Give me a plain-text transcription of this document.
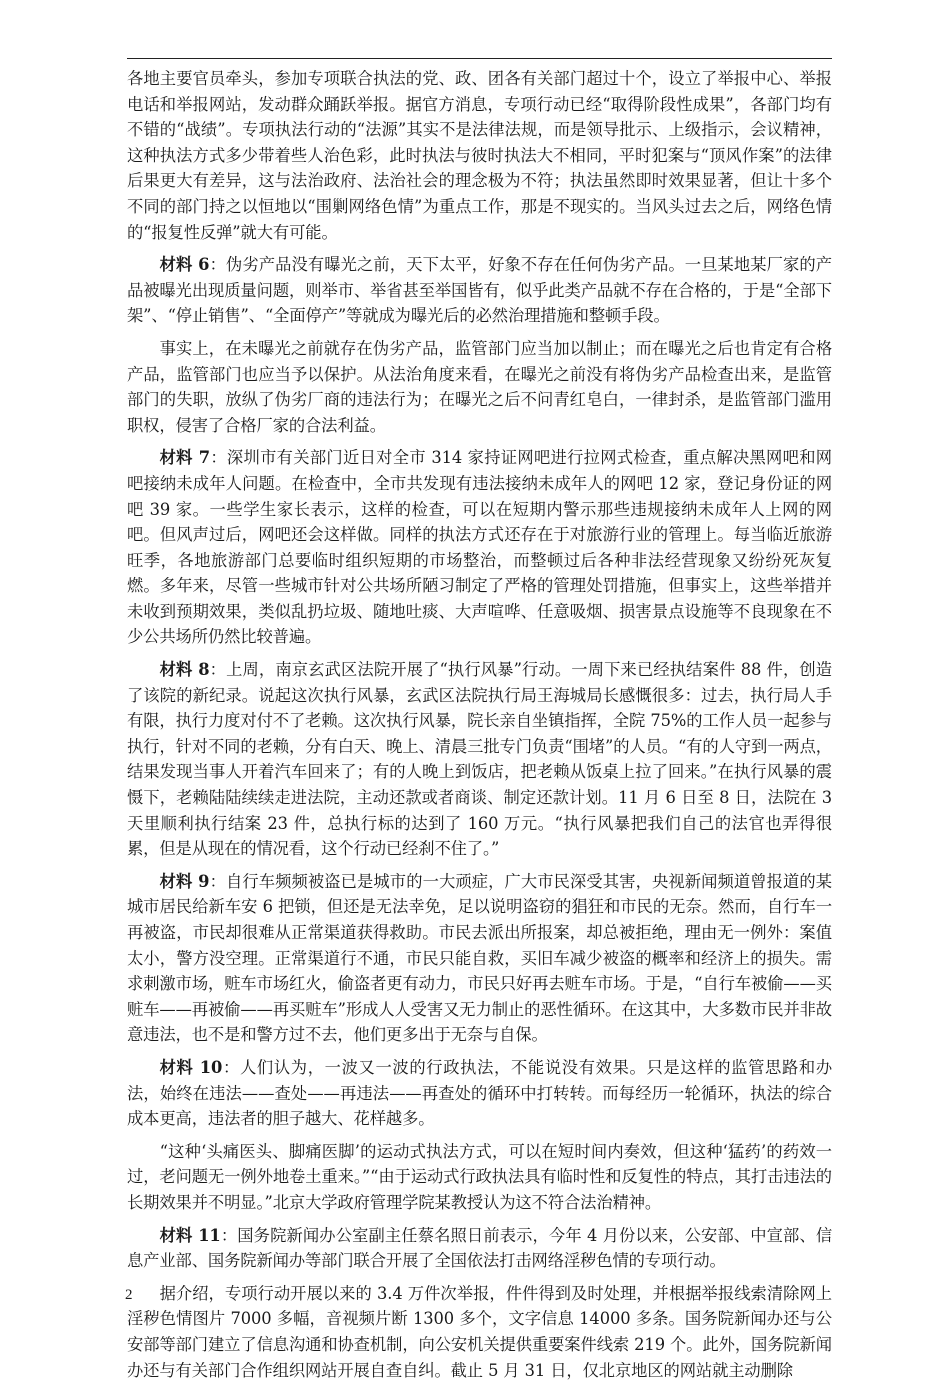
各地主要官员牵头，参加专项联合执法的党、政、团各有关部门超过十个，设立了举报中心、举报电话和举报网站，发动群众踊跃举报。据官方消息，专项行动已经“取得阶段性成果”，各部门均有不错的“战绩”。专项执法行动的“法源”其实不是法律法规，而是领导批示、上级指示，会议精神，这种执法方式多少带着些人治色彩，此时执法与彼时执法大不相同，平时犯案与“顶风作案”的法律后果更大有差异，这与法治政府、法治社会的理念极为不符；执法虽然即时效果显著，但让十多个不同的部门持之以恒地以“围剿网络色情”为重点工作，那是不现实的。当风头过去之后，网络色情的“报复性反弹”就大有可能。

材料 6：伪劣产品没有曝光之前，天下太平，好象不存在任何伪劣产品。一旦某地某厂家的产品被曝光出现质量问题，则举市、举省甚至举国皆有，似乎此类产品就不存在合格的，于是“全部下架”、“停止销售”、“全面停产”等就成为曝光后的必然治理措施和整顿手段。

事实上，在未曝光之前就存在伪劣产品，监管部门应当加以制止；而在曝光之后也肯定有合格产品，监管部门也应当予以保护。从法治角度来看，在曝光之前没有将伪劣产品检查出来，是监管部门的失职，放纵了伪劣厂商的违法行为；在曝光之后不问青红皂白，一律封杀，是监管部门滥用职权，侵害了合格厂家的合法利益。

材料 7：深圳市有关部门近日对全市 314 家持证网吧进行拉网式检查，重点解决黑网吧和网吧接纳未成年人问题。在检查中，全市共发现有违法接纳未成年人的网吧 12 家，登记身份证的网吧 39 家。一些学生家长表示，这样的检查，可以在短期内警示那些违规接纳未成年人上网的网吧。但风声过后，网吧还会这样做。同样的执法方式还存在于对旅游行业的管理上。每当临近旅游旺季，各地旅游部门总要临时组织短期的市场整治，而整顿过后各种非法经营现象又纷纷死灰复燃。多年来，尽管一些城市针对公共场所陋习制定了严格的管理处罚措施，但事实上，这些举措并未收到预期效果，类似乱扔垃圾、随地吐痰、大声喧哗、任意吸烟、损害景点设施等不良现象在不少公共场所仍然比较普遍。

材料 8：上周，南京玄武区法院开展了“执行风暴”行动。一周下来已经执结案件 88 件，创造了该院的新纪录。说起这次执行风暴，玄武区法院执行局王海城局长感慨很多：过去，执行局人手有限，执行力度对付不了老赖。这次执行风暴，院长亲自坐镇指挥，全院 75%的工作人员一起参与执行，针对不同的老赖，分有白天、晚上、清晨三批专门负责“围堵”的人员。“有的人守到一两点，结果发现当事人开着汽车回来了；有的人晚上到饭店，把老赖从饭桌上拉了回来。”在执行风暴的震慑下，老赖陆陆续续走进法院，主动还款或者商谈、制定还款计划。11 月 6 日至 8 日，法院在 3 天里顺利执行结案 23 件，总执行标的达到了 160 万元。“执行风暴把我们自己的法官也弄得很累，但是从现在的情况看，这个行动已经刹不住了。”

材料 9：自行车频频被盗已是城市的一大顽症，广大市民深受其害，央视新闻频道曾报道的某城市居民给新车安 6 把锁，但还是无法幸免，足以说明盗窃的猖狂和市民的无奈。然而，自行车一再被盗，市民却很难从正常渠道获得救助。市民去派出所报案，却总被拒绝，理由无一例外：案值太小，警方没空理。正常渠道行不通，市民只能自救，买旧车减少被盗的概率和经济上的损失。需求刺激市场，赃车市场红火，偷盗者更有动力，市民只好再去赃车市场。于是，“自行车被偷——买赃车——再被偷——再买赃车”形成人人受害又无力制止的恶性循环。在这其中，大多数市民并非故意违法，也不是和警方过不去，他们更多出于无奈与自保。

材料 10：人们认为，一波又一波的行政执法，不能说没有效果。只是这样的监管思路和办法，始终在违法——查处——再违法——再查处的循环中打转转。而每经历一轮循环，执法的综合成本更高，违法者的胆子越大、花样越多。

“这种‘头痛医头、脚痛医脚’的运动式执法方式，可以在短时间内奏效，但这种‘猛药’的药效一过，老问题无一例外地卷土重来。”“由于运动式行政执法具有临时性和反复性的特点，其打击违法的长期效果并不明显。”北京大学政府管理学院某教授认为这不符合法治精神。

材料 11：国务院新闻办公室副主任蔡名照日前表示，今年 4 月份以来，公安部、中宣部、信息产业部、国务院新闻办等部门联合开展了全国依法打击网络淫秽色情的专项行动。

据介绍，专项行动开展以来的 3.4 万件次举报，件件得到及时处理，并根据举报线索清除网上淫秽色情图片 7000 多幅，音视频片断 1300 多个，文字信息 14000 多条。国务院新闻办还与公安部等部门建立了信息沟通和协查机制，向公安机关提供重要案件线索 219 个。此外，国务院新闻办还与有关部门合作组织网站开展自查自纠。截止 5 月 31 日，仅北京地区的网站就主动删除

2
